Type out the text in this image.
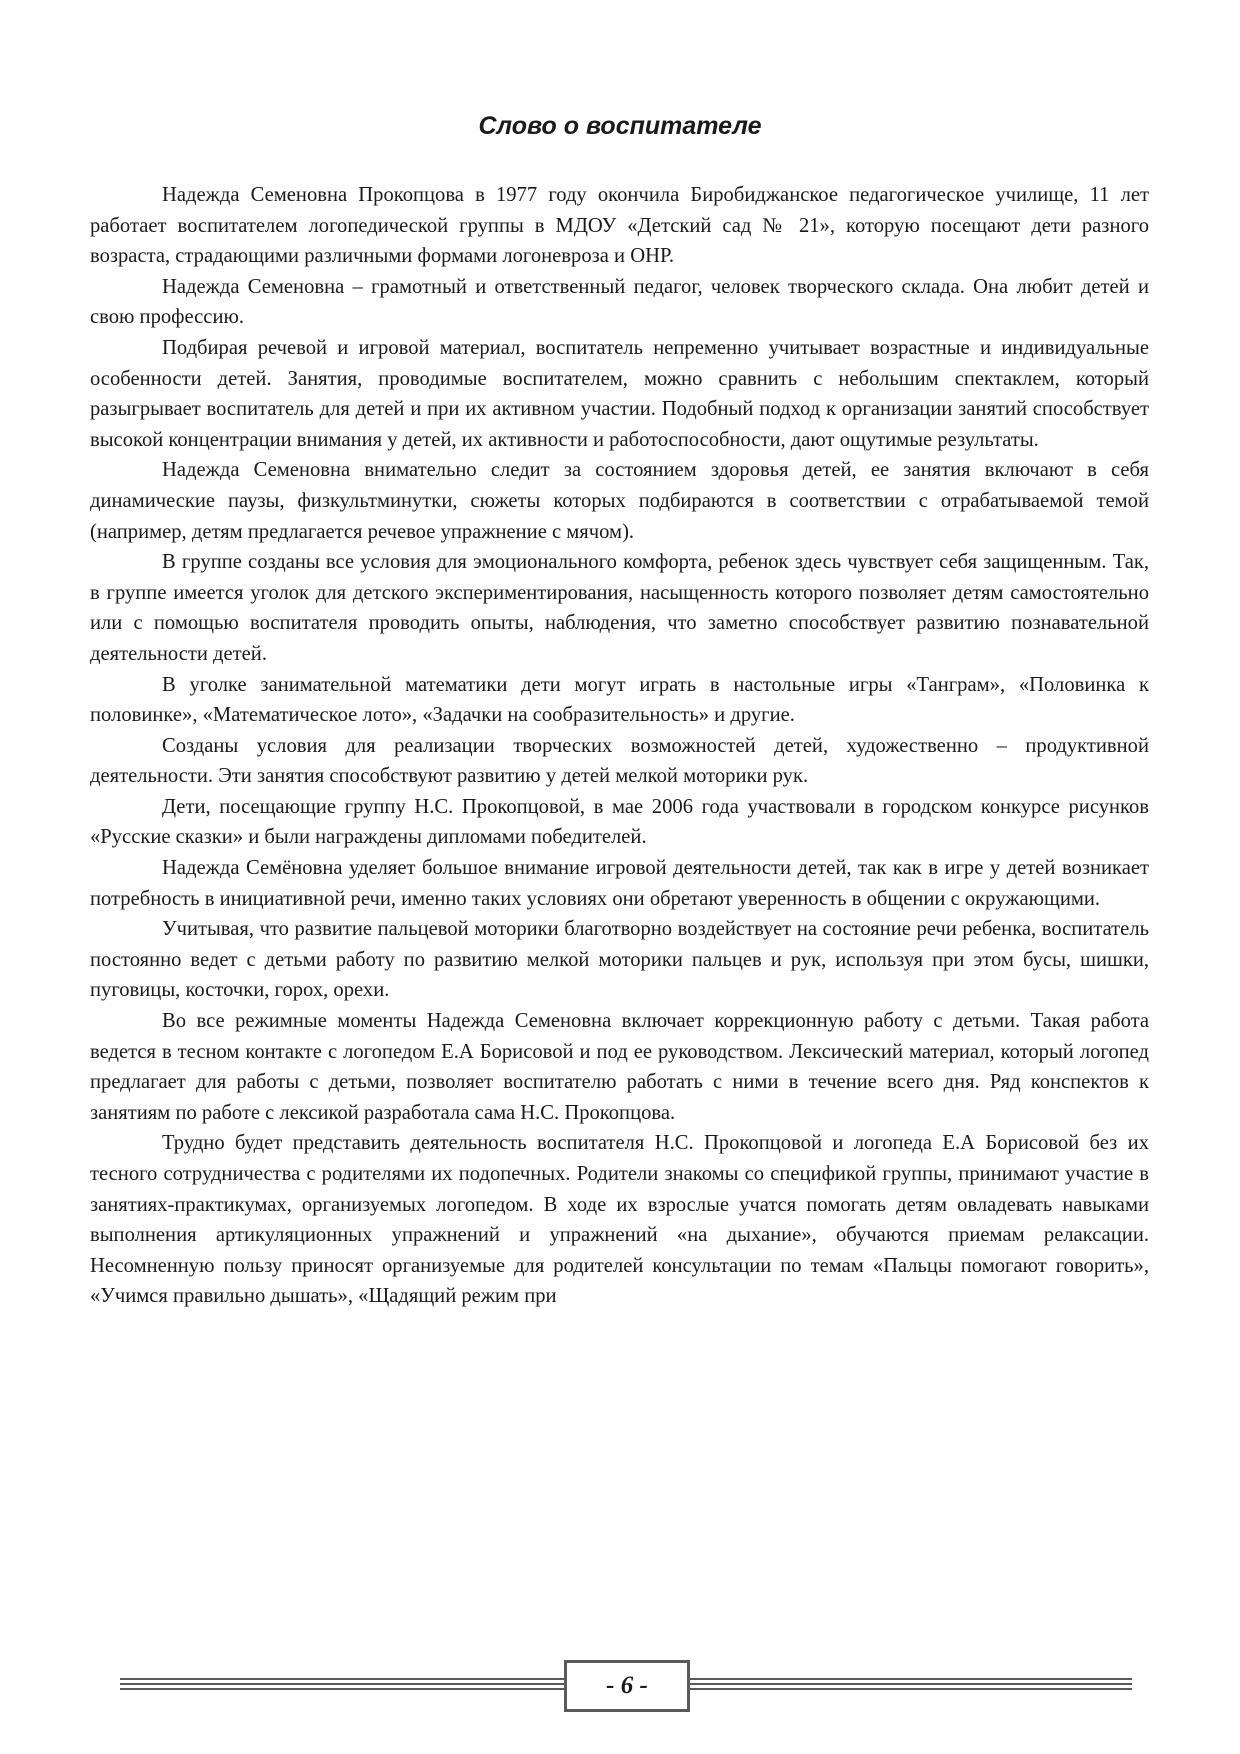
Слово о воспитателе

Надежда Семеновна Прокопцова в 1977 году окончила Биробиджанское педагогическое училище, 11 лет работает воспитателем логопедической группы в МДОУ «Детский сад № 21», которую посещают дети разного возраста, страдающими различными формами логоневроза и ОНР.

Надежда Семеновна – грамотный и ответственный педагог, человек творческого склада. Она любит детей и свою профессию.

Подбирая речевой и игровой материал, воспитатель непременно учитывает возрастные и индивидуальные особенности детей. Занятия, проводимые воспитателем, можно сравнить с небольшим спектаклем, который разыгрывает воспитатель для детей и при их активном участии. Подобный подход к организации занятий способствует высокой концентрации внимания у детей, их активности и работоспособности, дают ощутимые результаты.

Надежда Семеновна внимательно следит за состоянием здоровья детей, ее занятия включают в себя динамические паузы, физкультминутки, сюжеты которых подбираются в соответствии с отрабатываемой темой (например, детям предлагается речевое упражнение с мячом).

В группе созданы все условия для эмоционального комфорта, ребенок здесь чувствует себя защищенным. Так, в группе имеется уголок для детского экспериментирования, насыщенность которого позволяет детям самостоятельно или с помощью воспитателя проводить опыты, наблюдения, что заметно способствует развитию познавательной деятельности детей.

В уголке занимательной математики дети могут играть в настольные игры «Танграм», «Половинка к половинке», «Математическое лото», «Задачки на сообразительность» и другие.

Созданы условия для реализации творческих возможностей детей, художественно – продуктивной деятельности. Эти занятия способствуют развитию у детей мелкой моторики рук.

Дети, посещающие группу Н.С. Прокопцовой, в мае 2006 года участвовали в городском конкурсе рисунков «Русские сказки» и были награждены дипломами победителей.

Надежда Семёновна уделяет большое внимание игровой деятельности детей, так как в игре у детей возникает потребность в инициативной речи, именно таких условиях они обретают уверенность в общении с окружающими.

Учитывая, что развитие пальцевой моторики благотворно воздействует на состояние речи ребенка, воспитатель постоянно ведет с детьми работу по развитию мелкой моторики пальцев и рук, используя при этом бусы, шишки, пуговицы, косточки, горох, орехи.

Во все режимные моменты Надежда Семеновна включает коррекционную работу с детьми. Такая работа ведется в тесном контакте с логопедом Е.А Борисовой и под ее руководством. Лексический материал, который логопед предлагает для работы с детьми, позволяет воспитателю работать с ними в течение всего дня. Ряд конспектов к занятиям по работе с лексикой разработала сама Н.С. Прокопцова.

Трудно будет представить деятельность воспитателя Н.С. Прокопцовой и логопеда Е.А Борисовой без их тесного сотрудничества с родителями их подопечных. Родители знакомы со спецификой группы, принимают участие в занятиях-практикумах, организуемых логопедом. В ходе их взрослые учатся помогать детям овладевать навыками выполнения артикуляционных упражнений и упражнений «на дыхание», обучаются приемам релаксации. Несомненную пользу приносят организуемые для родителей консультации по темам «Пальцы помогают говорить», «Учимся правильно дышать», «Щадящий режим при

- 6 -
